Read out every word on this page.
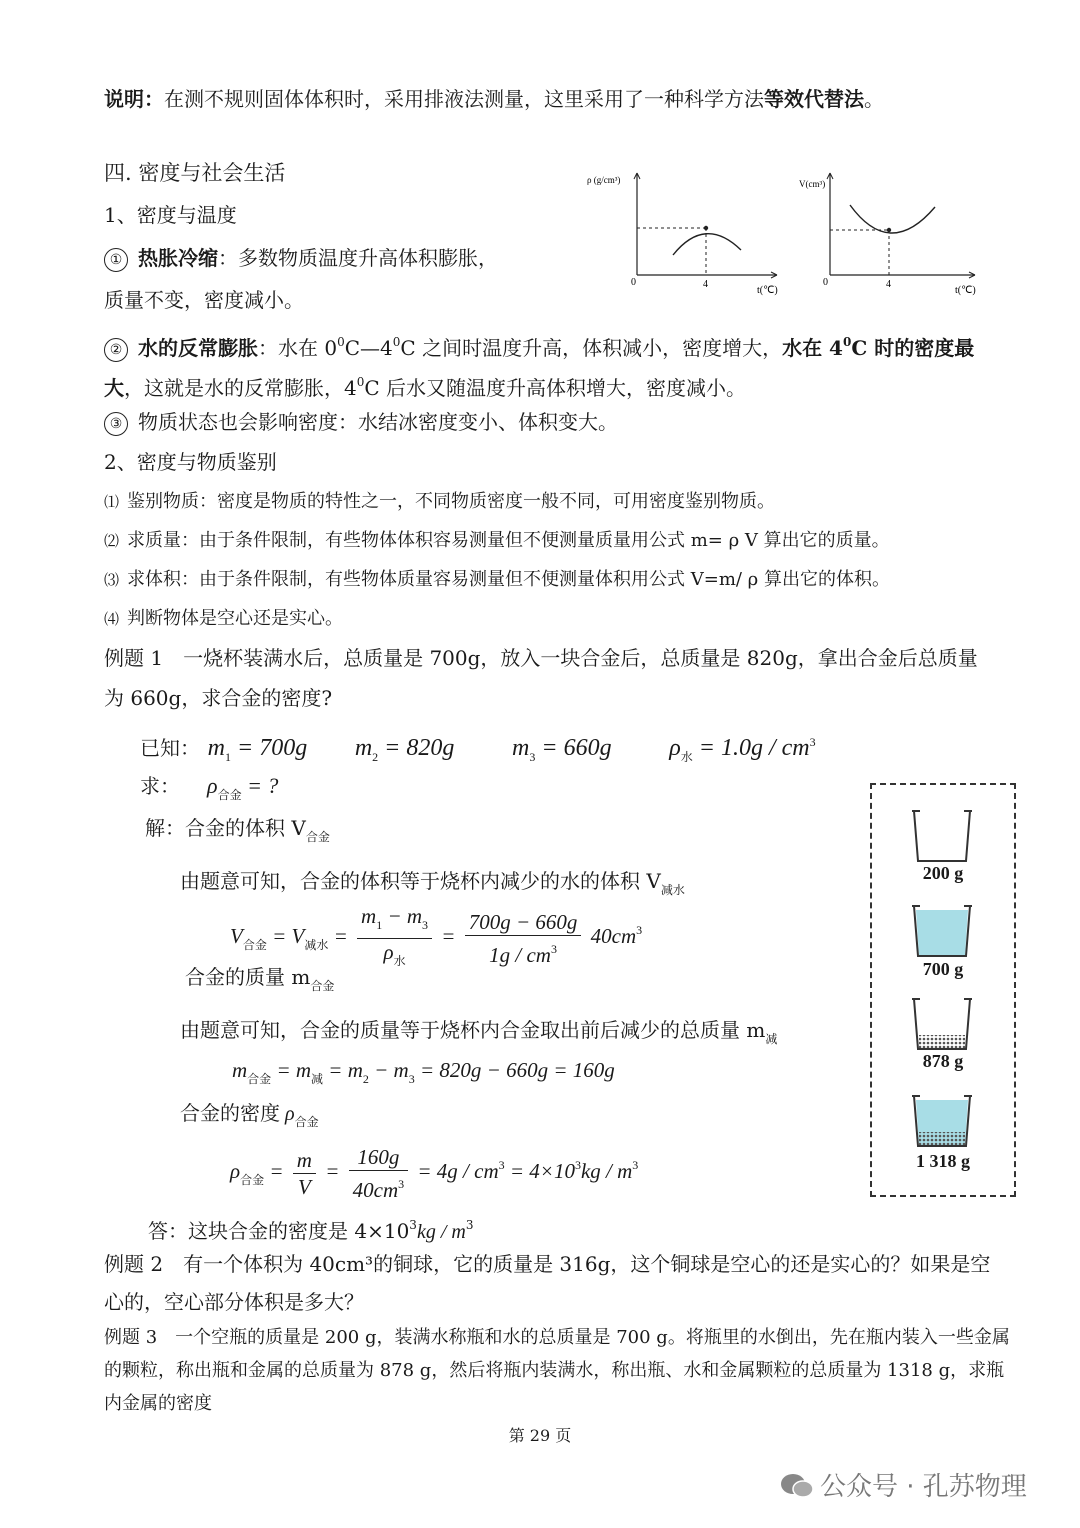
说明：在测不规则固体体积时，采用排液法测量，这里采用了一种科学方法等效代替法。
四. 密度与社会生活
1、密度与温度
① 热胀冷缩：多数物质温度升高体积膨胀，
质量不变，密度减小。
② 水的反常膨胀：水在 $0^0C—4^0C$ 之间时温度升高，体积减小，密度增大，水在 $4^0C$ 时的密度最
大，这就是水的反常膨胀，$4^0C$ 后水又随温度升高体积增大，密度减小。
③ 物质状态也会影响密度：水结冰密度变小、体积变大。
2、密度与物质鉴别
⑴ 鉴别物质：密度是物质的特性之一，不同物质密度一般不同，可用密度鉴别物质。
⑵ 求质量：由于条件限制，有些物体体积容易测量但不便测量质量用公式 m= ρ V 算出它的质量。
⑶ 求体积：由于条件限制，有些物体质量容易测量但不便测量体积用公式 V=m/ ρ 算出它的体积。
⑷ 判断物体是空心还是实心。
ρ (g/cm³)
0	4
t(℃)
V(cm³)
0	4
t(℃)
例题 1　一烧杯装满水后，总质量是 700g，放入一块合金后，总质量是 820g，拿出合金后总质量
为 660g，求合金的密度?
已知： $m_1 = 700g$ $m_2 = 820g$ $m_3 = 660g$ $\rho_水 = 1.0g / cm^3$
求： $\rho_{合金}$ = ?
解：合金的体积 $V_{合金}$
由题意可知，合金的体积等于烧杯内减少的水的体积 $V_{减水}$
$V_{合金} = V_{减水} = \frac{m_1 - m_3}{\rho_水} = \frac{700g - 660g}{1g / cm^3} 40cm^3$
合金的质量 $m_{合金}$
由题意可知，合金的质量等于烧杯内合金取出前后减少的总质量 $m_减$
$m_{合金} = m_减 = m_2 - m_3 = 820g - 660g = 160g$
合金的密度 $\rho_{合金}$
$\rho_{合金} = \frac{m}{V} = \frac{160g}{40cm^3} = 4g / cm^3 = 4\times 10^3kg / m^3$
答：这块合金的密度是 $4\times 10^3kg / m^3$
200 g
700 g
878 g
1 318 g
例题 2　有一个体积为 40cm³的铜球，它的质量是 316g，这个铜球是空心的还是实心的？如果是空
心的，空心部分体积是多大？
例题 3　一个空瓶的质量是 200 g，装满水称瓶和水的总质量是 700 g。将瓶里的水倒出，先在瓶内装入一些金属
的颗粒，称出瓶和金属的总质量为 878 g，然后将瓶内装满水，称出瓶、水和金属颗粒的总质量为 1318 g，求瓶
内金属的密度
第 29 页
公众号 · 孔苏物理
